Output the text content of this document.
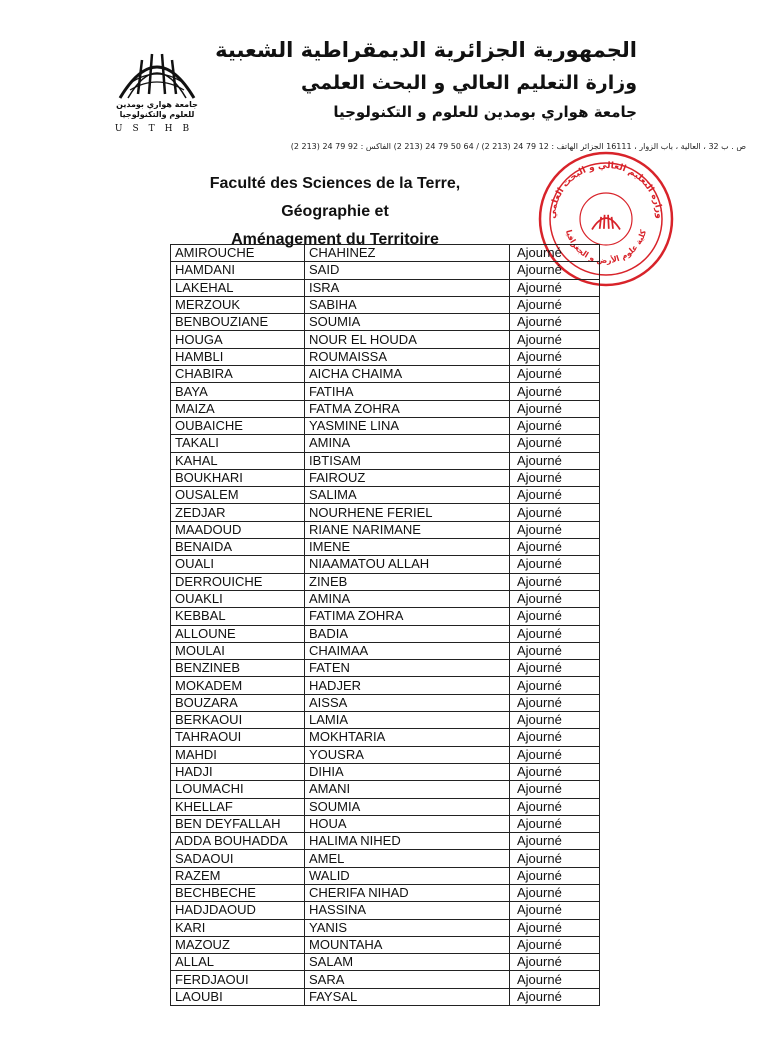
جامعة هواري بومدين
للعلوم والتكنولوجيا
USTHB
الجمهورية الجزائرية الديمقراطية الشعبية
وزارة التعليم العالي و البحث العلمي
جامعة هواري بومدين للعلوم و التكنولوجيا
ص . ب 32 ، العالية ، باب الزوار ، 16111 الجزائر الهاتف : 12 79 24 (213 2) / 64 50 79 24 (213 2) الفاكس : 92 79 24 (213 2)
Faculté des Sciences de la Terre, Géographie et
Aménagement du Territoire
وزارة التعليم العالي و البحث العلمي
كلية علوم الأرض و الجغرافيا
AMIROUCHE	CHAHINEZ	Ajourné
HAMDANI	SAID	Ajourné
LAKEHAL	ISRA	Ajourné
MERZOUK	SABIHA	Ajourné
BENBOUZIANE	SOUMIA	Ajourné
HOUGA	NOUR EL HOUDA	Ajourné
HAMBLI	ROUMAISSA	Ajourné
CHABIRA	AICHA CHAIMA	Ajourné
BAYA	FATIHA	Ajourné
MAIZA	FATMA ZOHRA	Ajourné
OUBAICHE	YASMINE LINA	Ajourné
TAKALI	AMINA	Ajourné
KAHAL	IBTISAM	Ajourné
BOUKHARI	FAIROUZ	Ajourné
OUSALEM	SALIMA	Ajourné
ZEDJAR	NOURHENE FERIEL	Ajourné
MAADOUD	RIANE NARIMANE	Ajourné
BENAIDA	IMENE	Ajourné
OUALI	NIAAMATOU ALLAH	Ajourné
DERROUICHE	ZINEB	Ajourné
OUAKLI	AMINA	Ajourné
KEBBAL	FATIMA ZOHRA	Ajourné
ALLOUNE	BADIA	Ajourné
MOULAI	CHAIMAA	Ajourné
BENZINEB	FATEN	Ajourné
MOKADEM	HADJER	Ajourné
BOUZARA	AISSA	Ajourné
BERKAOUI	LAMIA	Ajourné
TAHRAOUI	MOKHTARIA	Ajourné
MAHDI	YOUSRA	Ajourné
HADJI	DIHIA	Ajourné
LOUMACHI	AMANI	Ajourné
KHELLAF	SOUMIA	Ajourné
BEN DEYFALLAH	HOUA	Ajourné
ADDA BOUHADDA	HALIMA NIHED	Ajourné
SADAOUI	AMEL	Ajourné
RAZEM	WALID	Ajourné
BECHBECHE	CHERIFA NIHAD	Ajourné
HADJDAOUD	HASSINA	Ajourné
KARI	YANIS	Ajourné
MAZOUZ	MOUNTAHA	Ajourné
ALLAL	SALAM	Ajourné
FERDJAOUI	SARA	Ajourné
LAOUBI	FAYSAL	Ajourné
